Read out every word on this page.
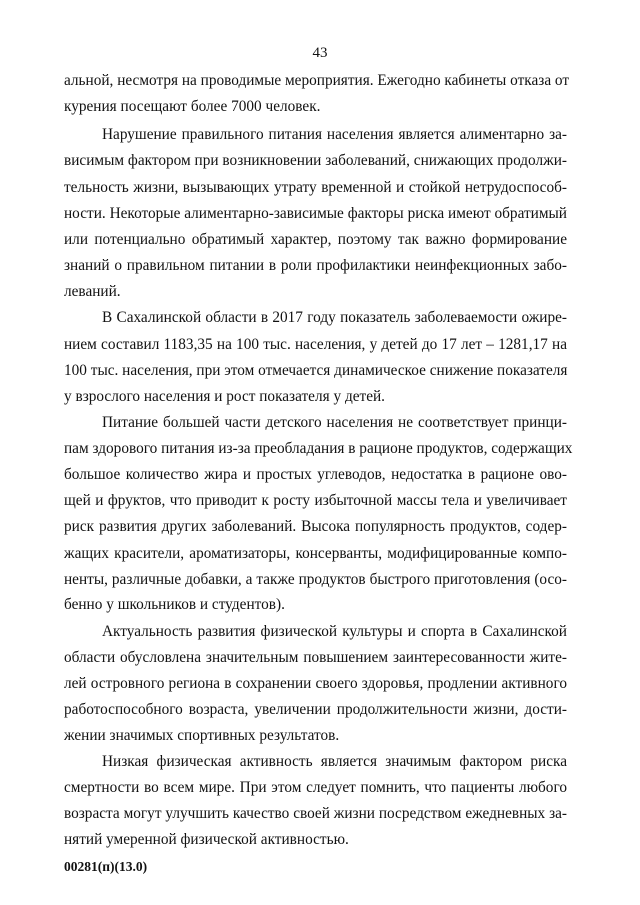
43
альной, несмотря на проводимые мероприятия. Ежегодно кабинеты отказа от
курения посещают более 7000 человек.
Нарушение правильного питания населения является алиментарно за-
висимым фактором при возникновении заболеваний, снижающих продолжи-
тельность жизни, вызывающих утрату временной и стойкой нетрудоспособ-
ности. Некоторые алиментарно-зависимые факторы риска имеют обратимый
или потенциально обратимый характер, поэтому так важно формирование
знаний о правильном питании в роли профилактики неинфекционных забо-
леваний.
В Сахалинской области в 2017 году показатель заболеваемости ожире-
нием составил 1183,35 на 100 тыс. населения, у детей до 17 лет – 1281,17 на
100 тыс. населения, при этом отмечается динамическое снижение показателя
у взрослого населения и рост показателя у детей.
Питание большей части детского населения не соответствует принци-
пам здорового питания из-за преобладания в рационе продуктов, содержащих
большое количество жира и простых углеводов, недостатка в рационе ово-
щей и фруктов, что приводит к росту избыточной массы тела и увеличивает
риск развития других заболеваний. Высока популярность продуктов, содер-
жащих красители, ароматизаторы, консерванты, модифицированные компо-
ненты, различные добавки, а также продуктов быстрого приготовления (осо-
бенно у школьников и студентов).
Актуальность развития физической культуры и спорта в Сахалинской
области обусловлена значительным повышением заинтересованности жите-
лей островного региона в сохранении своего здоровья, продлении активного
работоспособного возраста, увеличении продолжительности жизни, дости-
жении значимых спортивных результатов.
Низкая физическая активность является значимым фактором риска
смертности во всем мире. При этом следует помнить, что пациенты любого
возраста могут улучшить качество своей жизни посредством ежедневных за-
нятий умеренной физической активностью.
00281(п)(13.0)
